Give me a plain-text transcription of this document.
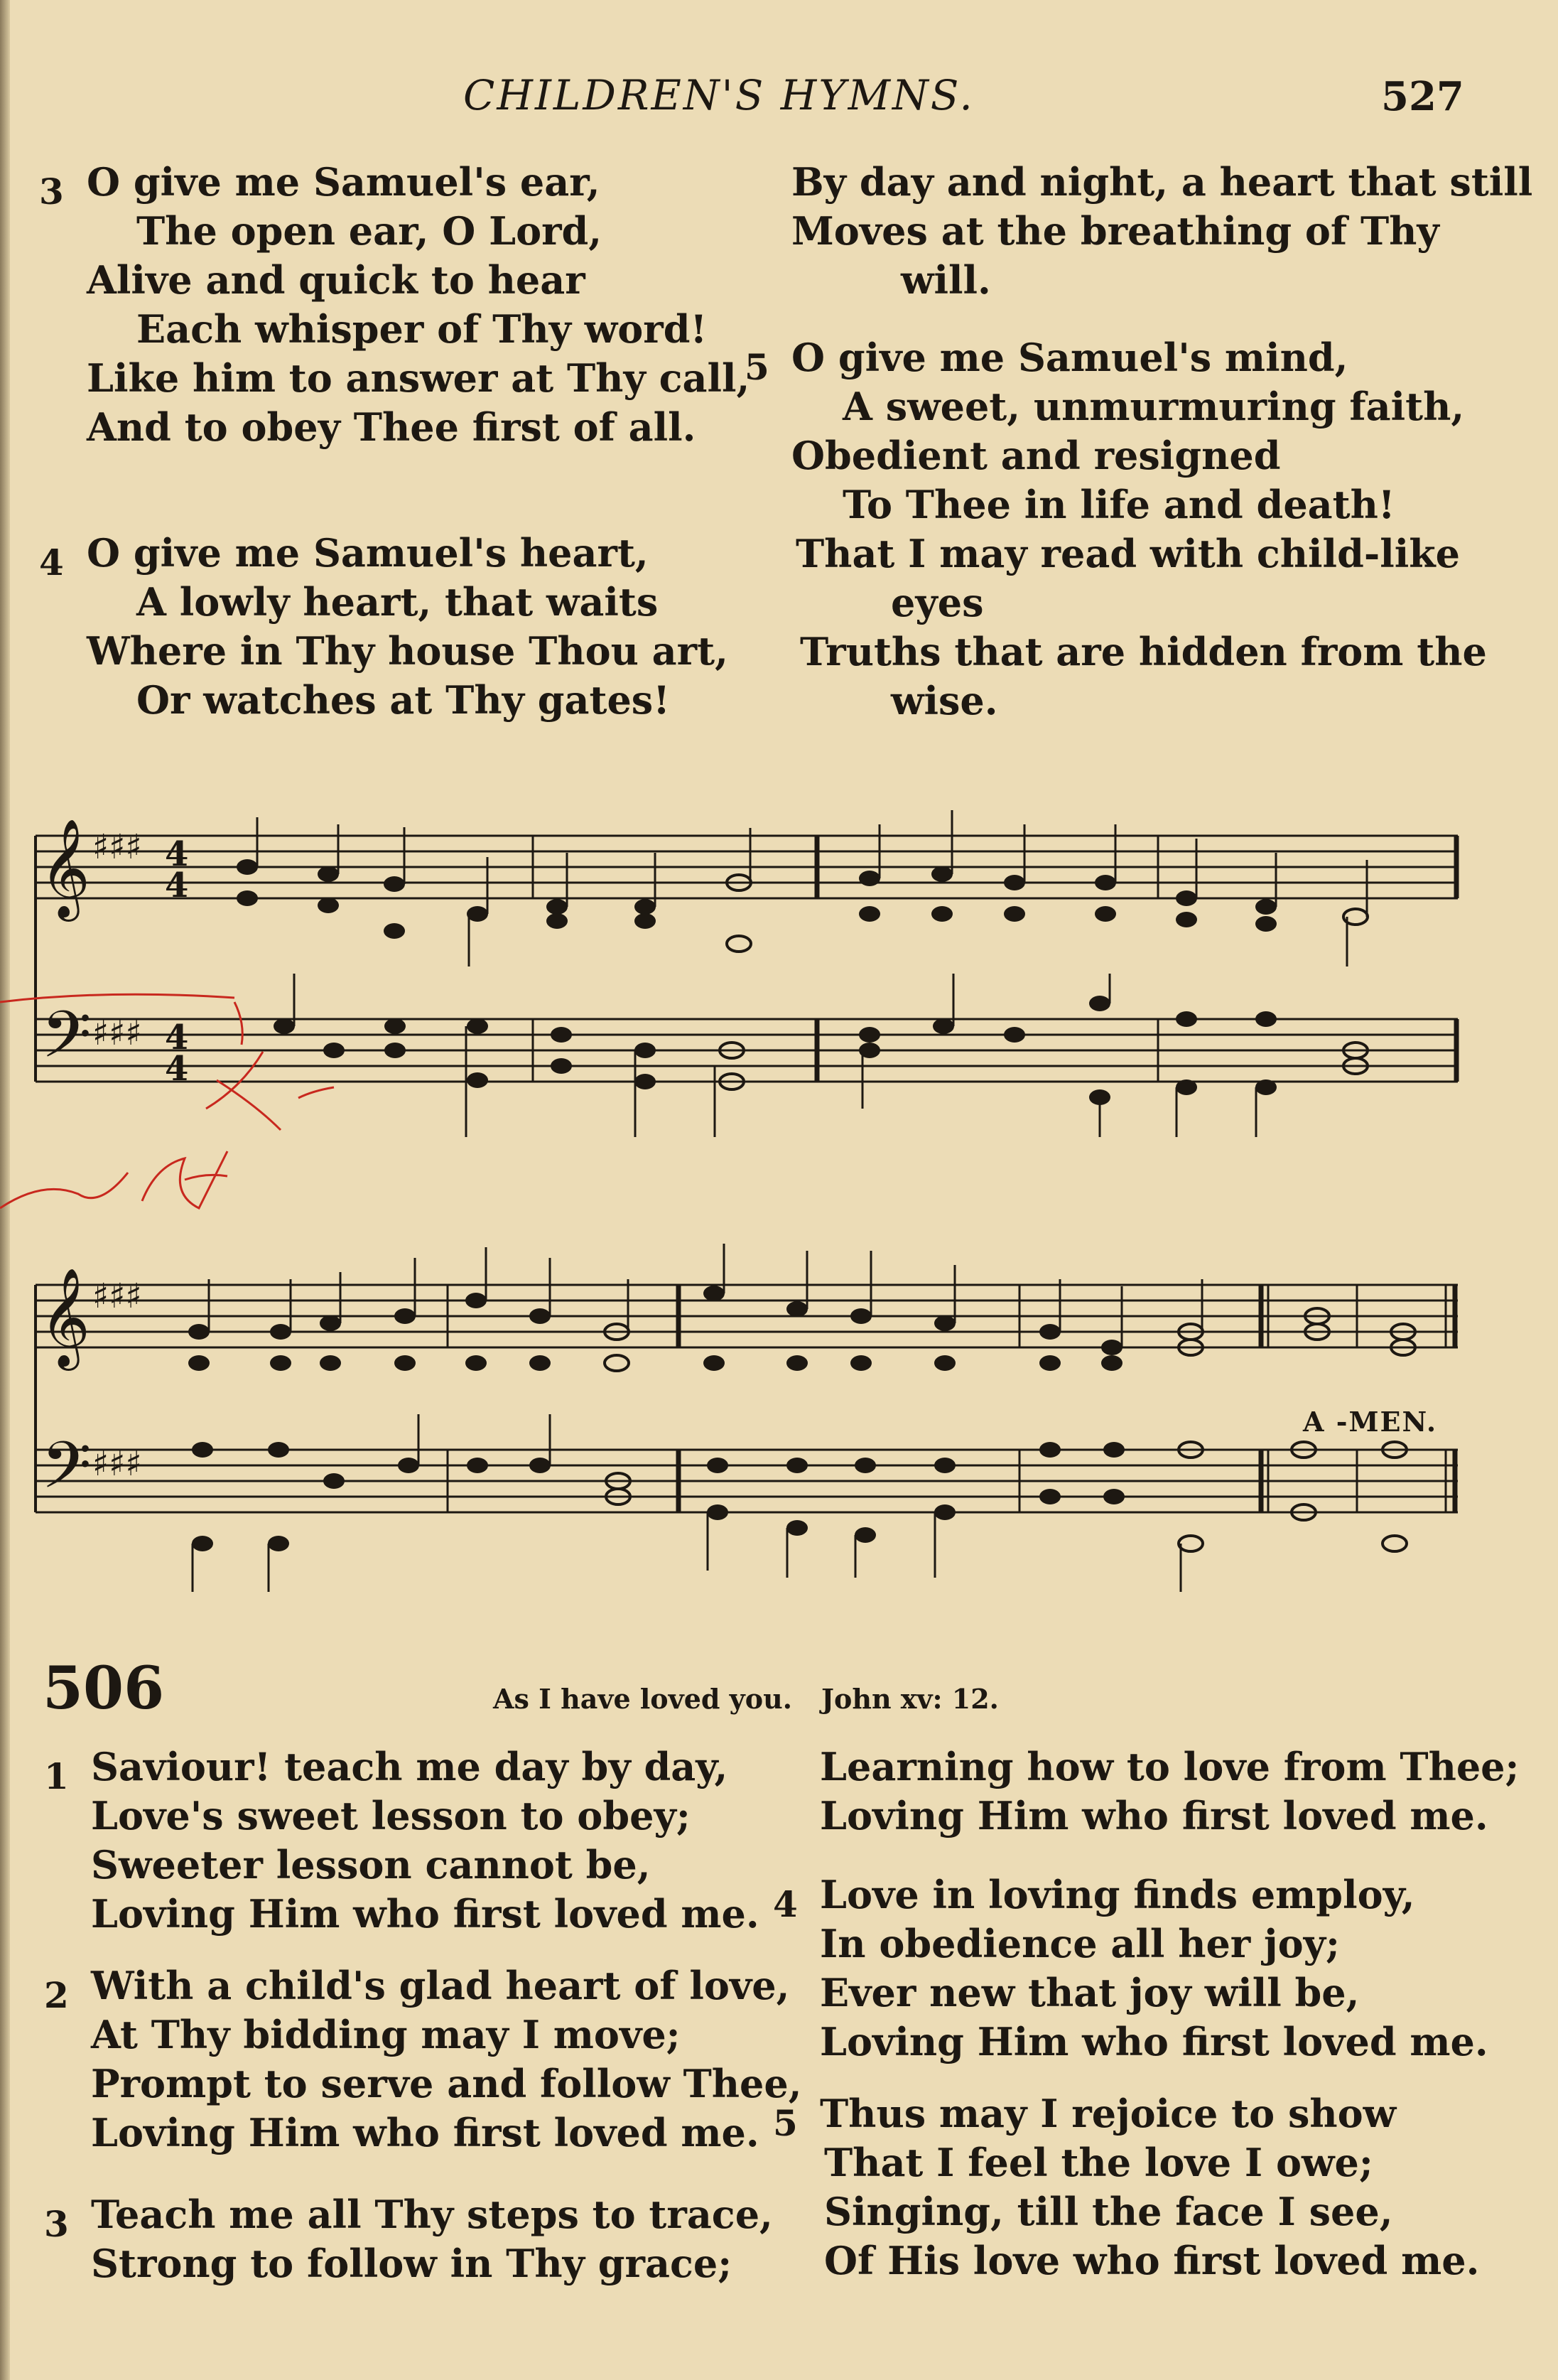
CHILDREN'S HYMNS.	527
3 O give me Samuel's ear,
The open ear, O Lord,
Alive and quick to hear
Each whisper of Thy word!
Like him to answer at Thy call,
And to obey Thee first of all.
4 O give me Samuel's heart,
A lowly heart, that waits
Where in Thy house Thou art,
Or watches at Thy gates!
By day and night, a heart that still
Moves at the breathing of Thy
will.
5 O give me Samuel's mind,
A sweet, unmurmuring faith,
Obedient and resigned
To Thee in life and death!
That I may read with child-like
eyes
Truths that are hidden from the
wise.
𝄞
𝄢
𝄞
𝄢
♯♯♯
♯♯♯
♯♯♯
♯♯♯
4
4
4
4
A -MEN.
506	As I have loved you. John xv: 12.
1 Saviour! teach me day by day,
Love's sweet lesson to obey;
Sweeter lesson cannot be,
Loving Him who first loved me.
2 With a child's glad heart of love,
At Thy bidding may I move;
Prompt to serve and follow Thee,
Loving Him who first loved me.
3 Teach me all Thy steps to trace,
Strong to follow in Thy grace;
Learning how to love from Thee;
Loving Him who first loved me.
4 Love in loving finds employ,
In obedience all her joy;
Ever new that joy will be,
Loving Him who first loved me.
5 Thus may I rejoice to show
That I feel the love I owe;
Singing, till the face I see,
Of His love who first loved me.
